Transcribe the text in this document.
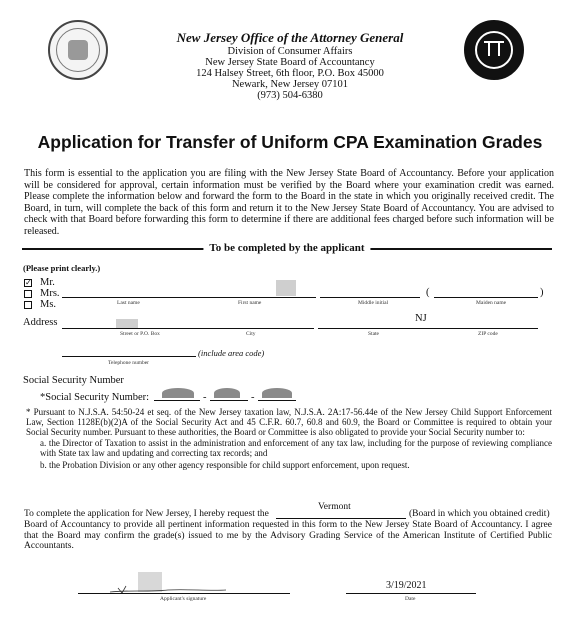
New Jersey Office of the Attorney General
Division of Consumer Affairs
New Jersey State Board of Accountancy
124 Halsey Street, 6th floor, P.O. Box 45000
Newark, New Jersey 07101
(973) 504-6380
Application for Transfer of Uniform CPA Examination Grades
This form is essential to the application you are filing with the New Jersey State Board of Accountancy. Before your application will be considered for approval, certain information must be verified by the Board where your examination credit was earned. Please complete the information below and forward the form to the Board in the state in which you originally received credit. The Board, in turn, will complete the back of this form and return it to the New Jersey State Board of Accountancy. You are advised to check with that Board before forwarding this form to determine if there are additional fees charged before such information will be released.
To be completed by the applicant
(Please print clearly.)
✓ Mr.
Mrs.
Ms.
(	)
Last name	First name	Middle initial	Maiden name
Address	NJ
Street or P.O. Box	City	State	ZIP code
(include area code)
Telephone number
Social Security Number
*Social Security Number:	-	-
* Pursuant to N.J.S.A. 54:50-24 et seq. of the New Jersey taxation law, N.J.S.A. 2A:17-56.44e of the New Jersey Child Support Enforcement Law, Section 1128E(b)(2)A of the Social Security Act and 45 C.F.R. 60.7, 60.8 and 60.9, the Board or Committee is required to obtain your Social Security number. Pursuant to these authorities, the Board or Committee is also obligated to provide your Social Security number to:
a. the Director of Taxation to assist in the administration and enforcement of any tax law, including for the purpose of reviewing compliance with State tax law and updating and correcting tax records; and
b. the Probation Division or any other agency responsible for child support enforcement, upon request.
To complete the application for New Jersey, I hereby request the
Vermont
(Board in which you obtained credit)
Board of Accountancy to provide all pertinent information requested in this form to the New Jersey State Board of Accountancy. I agree that the Board may confirm the grade(s) issued to me by the Advisory Grading Service of the American Institute of Certified Public Accountants.
Applicant's signature
3/19/2021
Date
